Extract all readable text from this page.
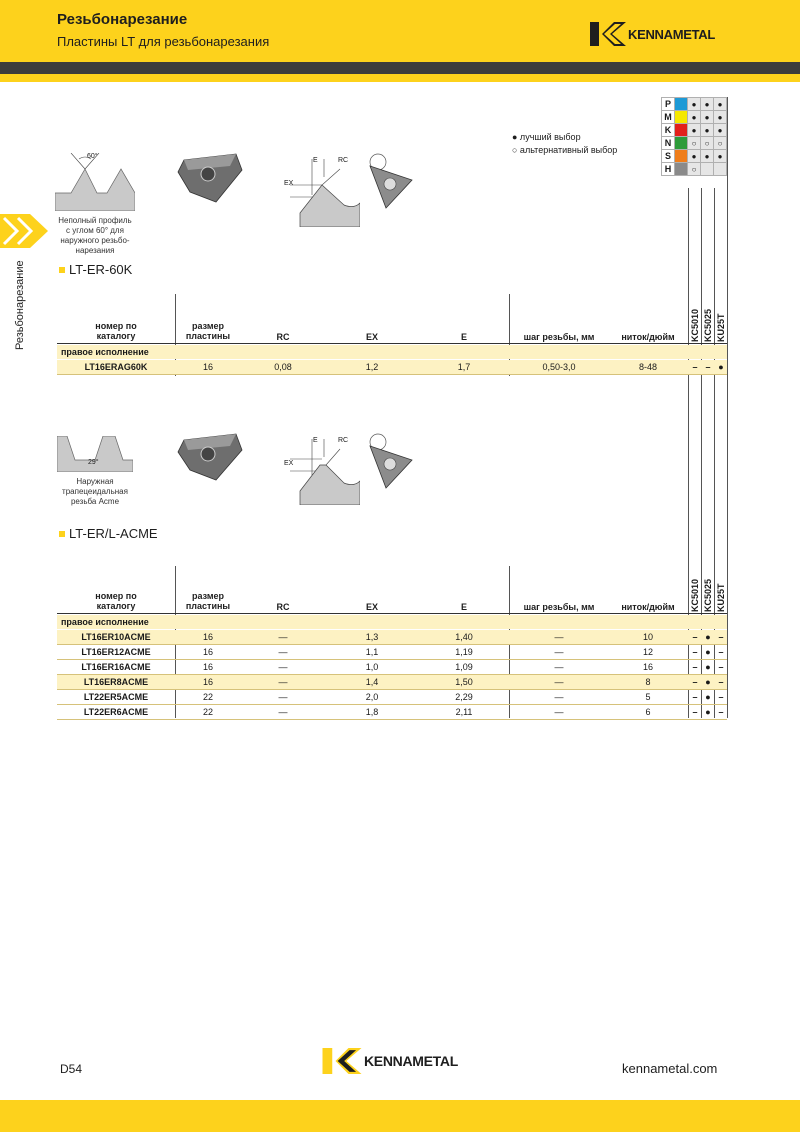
Резьбонарезание
Пластины LT для резьбонарезания	KENNAMETAL
Резьбонарезание
P		●	●	●
M		●	●	●
K		●	●	●
N		○	○	○
S		●	●	●
H		○		
● лучший выбор
○ альтернативный выбор
60°
Неполный профиль
с углом 60° для
наружного резьбо-
нарезания
E	RC
EX
LT-ER-60K
номер по
каталогу
размер
пластины	RC	EX	E	шаг резьбы, мм	ниток/дюйм	KC5010 KC5025 KU25T
правое исполнение
LT16ERAG60K	16	0,08	1,2	1,7	0,50-3,0	8-48	– – ●
29°
Наружная
трапецеидальная
резьба Acme
E	RC
EX
LT-ER/L-ACME
номер по
каталогу
размер
пластины	RC	EX	E	шаг резьбы, мм	ниток/дюйм	KC5010 KC5025 KU25T
правое исполнение
LT16ER10ACME	16	—	1,3	1,40	—	10	– ● –
LT16ER12ACME	16	—	1,1	1,19	—	12	– ● –
LT16ER16ACME	16	—	1,0	1,09	—	16	– ● –
LT16ER8ACME	16	—	1,4	1,50	—	8	– ● –
LT22ER5ACME	22	—	2,0	2,29	—	5	– ● –
LT22ER6ACME	22	—	1,8	2,11	—	6	– ● –
D54	KENNAMETAL	kennametal.com
